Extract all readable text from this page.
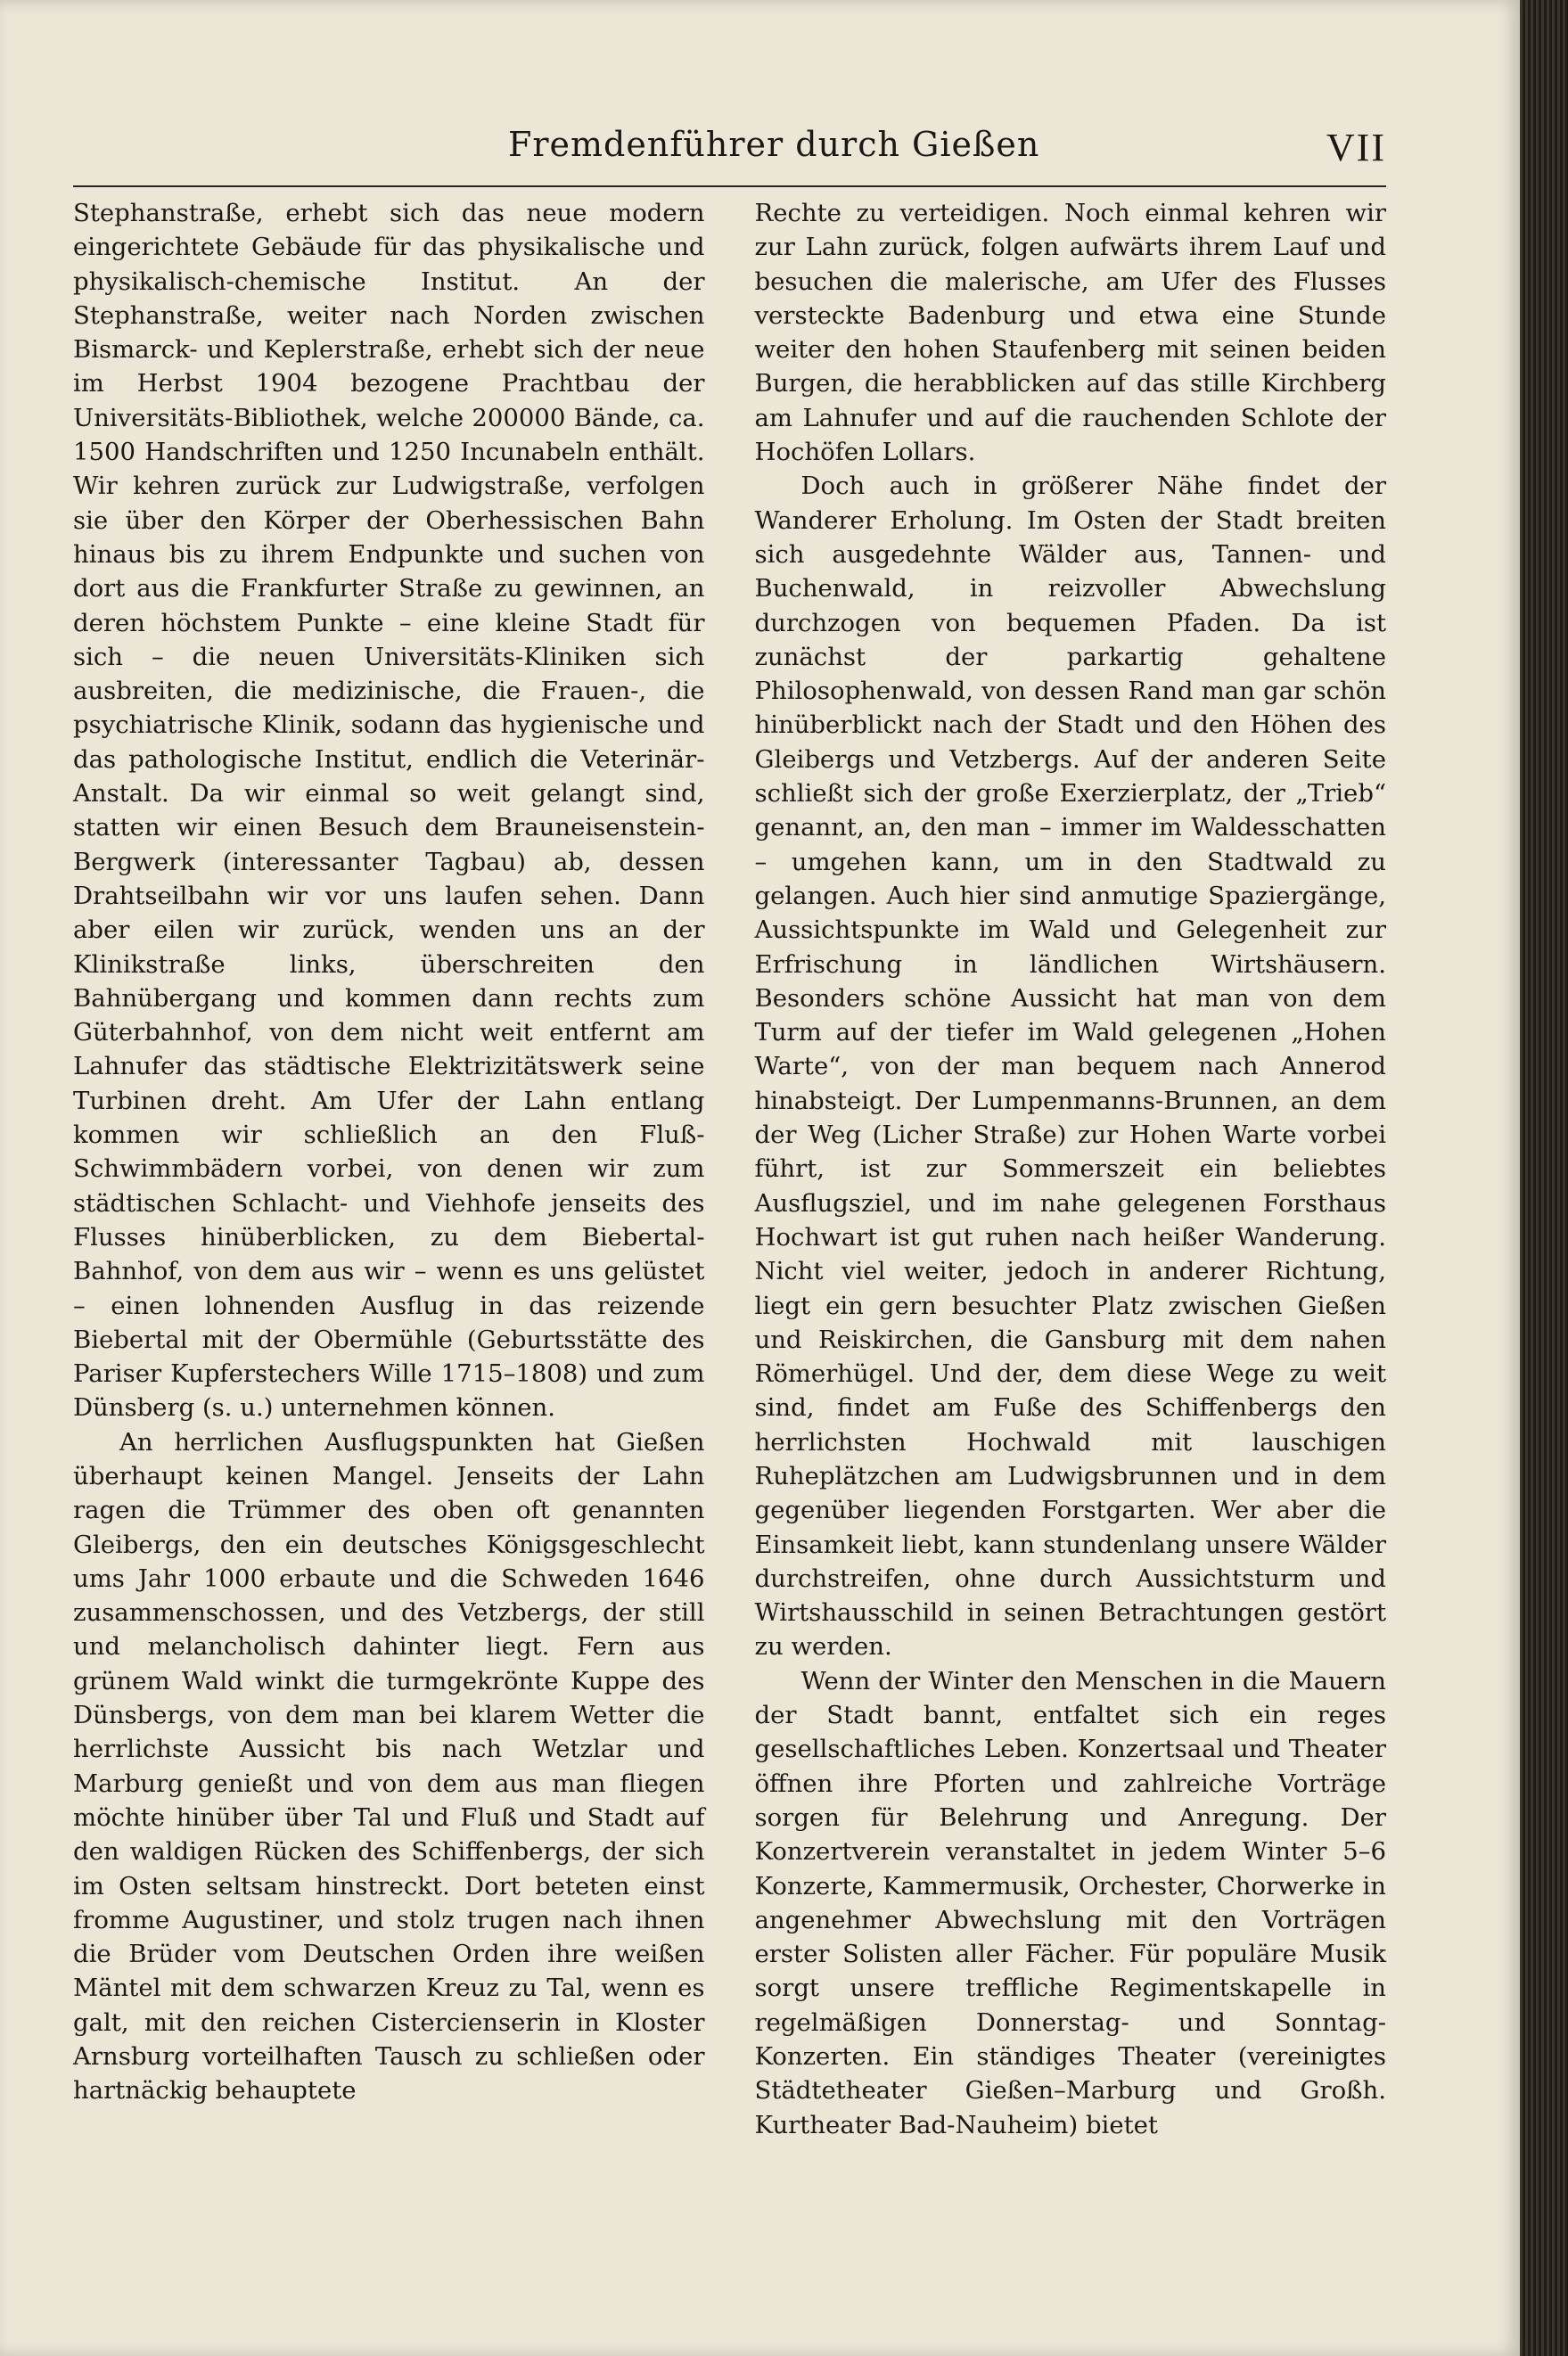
Fremdenführer durch Gießen	VII

Stephanstraße, erhebt sich das neue modern eingerichtete Gebäude für das physikalische und physikalisch-chemische Institut. An der Stephanstraße, weiter nach Norden zwischen Bismarck- und Keplerstraße, erhebt sich der neue im Herbst 1904 bezogene Prachtbau der Universitäts-Bibliothek, welche 200000 Bände, ca. 1500 Handschriften und 1250 Incunabeln enthält. Wir kehren zurück zur Ludwigstraße, verfolgen sie über den Körper der Oberhessischen Bahn hinaus bis zu ihrem Endpunkte und suchen von dort aus die Frankfurter Straße zu gewinnen, an deren höchstem Punkte – eine kleine Stadt für sich – die neuen Universitäts-Kliniken sich ausbreiten, die medizinische, die Frauen-, die psychiatrische Klinik, sodann das hygienische und das pathologische Institut, endlich die Veterinär-Anstalt. Da wir einmal so weit gelangt sind, statten wir einen Besuch dem Brauneisenstein-Bergwerk (interessanter Tagbau) ab, dessen Drahtseilbahn wir vor uns laufen sehen. Dann aber eilen wir zurück, wenden uns an der Klinikstraße links, überschreiten den Bahnübergang und kommen dann rechts zum Güterbahnhof, von dem nicht weit entfernt am Lahnufer das städtische Elektrizitätswerk seine Turbinen dreht. Am Ufer der Lahn entlang kommen wir schließlich an den Fluß-Schwimmbädern vorbei, von denen wir zum städtischen Schlacht- und Viehhofe jenseits des Flusses hinüberblicken, zu dem Biebertal-Bahnhof, von dem aus wir – wenn es uns gelüstet – einen lohnenden Ausflug in das reizende Biebertal mit der Obermühle (Geburtsstätte des Pariser Kupferstechers Wille 1715–1808) und zum Dünsberg (s. u.) unternehmen können.

An herrlichen Ausflugspunkten hat Gießen überhaupt keinen Mangel. Jenseits der Lahn ragen die Trümmer des oben oft genannten Gleibergs, den ein deutsches Königsgeschlecht ums Jahr 1000 erbaute und die Schweden 1646 zusammenschossen, und des Vetzbergs, der still und melancholisch dahinter liegt. Fern aus grünem Wald winkt die turmgekrönte Kuppe des Dünsbergs, von dem man bei klarem Wetter die herrlichste Aussicht bis nach Wetzlar und Marburg genießt und von dem aus man fliegen möchte hinüber über Tal und Fluß und Stadt auf den waldigen Rücken des Schiffenbergs, der sich im Osten seltsam hinstreckt. Dort beteten einst fromme Augustiner, und stolz trugen nach ihnen die Brüder vom Deutschen Orden ihre weißen Mäntel mit dem schwarzen Kreuz zu Tal, wenn es galt, mit den reichen Cistercienserin in Kloster Arnsburg vorteilhaften Tausch zu schließen oder hartnäckig behauptete

Rechte zu verteidigen. Noch einmal kehren wir zur Lahn zurück, folgen aufwärts ihrem Lauf und besuchen die malerische, am Ufer des Flusses versteckte Badenburg und etwa eine Stunde weiter den hohen Staufenberg mit seinen beiden Burgen, die herabblicken auf das stille Kirchberg am Lahnufer und auf die rauchenden Schlote der Hochöfen Lollars.

Doch auch in größerer Nähe findet der Wanderer Erholung. Im Osten der Stadt breiten sich ausgedehnte Wälder aus, Tannen- und Buchenwald, in reizvoller Abwechslung durchzogen von bequemen Pfaden. Da ist zunächst der parkartig gehaltene Philosophenwald, von dessen Rand man gar schön hinüberblickt nach der Stadt und den Höhen des Gleibergs und Vetzbergs. Auf der anderen Seite schließt sich der große Exerzierplatz, der „Trieb“ genannt, an, den man – immer im Waldesschatten – umgehen kann, um in den Stadtwald zu gelangen. Auch hier sind anmutige Spaziergänge, Aussichtspunkte im Wald und Gelegenheit zur Erfrischung in ländlichen Wirtshäusern. Besonders schöne Aussicht hat man von dem Turm auf der tiefer im Wald gelegenen „Hohen Warte“, von der man bequem nach Annerod hinabsteigt. Der Lumpenmanns-Brunnen, an dem der Weg (Licher Straße) zur Hohen Warte vorbei führt, ist zur Sommerszeit ein beliebtes Ausflugsziel, und im nahe gelegenen Forsthaus Hochwart ist gut ruhen nach heißer Wanderung. Nicht viel weiter, jedoch in anderer Richtung, liegt ein gern besuchter Platz zwischen Gießen und Reiskirchen, die Gansburg mit dem nahen Römerhügel. Und der, dem diese Wege zu weit sind, findet am Fuße des Schiffenbergs den herrlichsten Hochwald mit lauschigen Ruheplätzchen am Ludwigsbrunnen und in dem gegenüber liegenden Forstgarten. Wer aber die Einsamkeit liebt, kann stundenlang unsere Wälder durchstreifen, ohne durch Aussichtsturm und Wirtshausschild in seinen Betrachtungen gestört zu werden.

Wenn der Winter den Menschen in die Mauern der Stadt bannt, entfaltet sich ein reges gesellschaftliches Leben. Konzertsaal und Theater öffnen ihre Pforten und zahlreiche Vorträge sorgen für Belehrung und Anregung. Der Konzertverein veranstaltet in jedem Winter 5–6 Konzerte, Kammermusik, Orchester, Chorwerke in angenehmer Abwechslung mit den Vorträgen erster Solisten aller Fächer. Für populäre Musik sorgt unsere treffliche Regimentskapelle in regelmäßigen Donnerstag- und Sonntag-Konzerten. Ein ständiges Theater (vereinigtes Städtetheater Gießen–Marburg und Großh. Kurtheater Bad-Nauheim) bietet
